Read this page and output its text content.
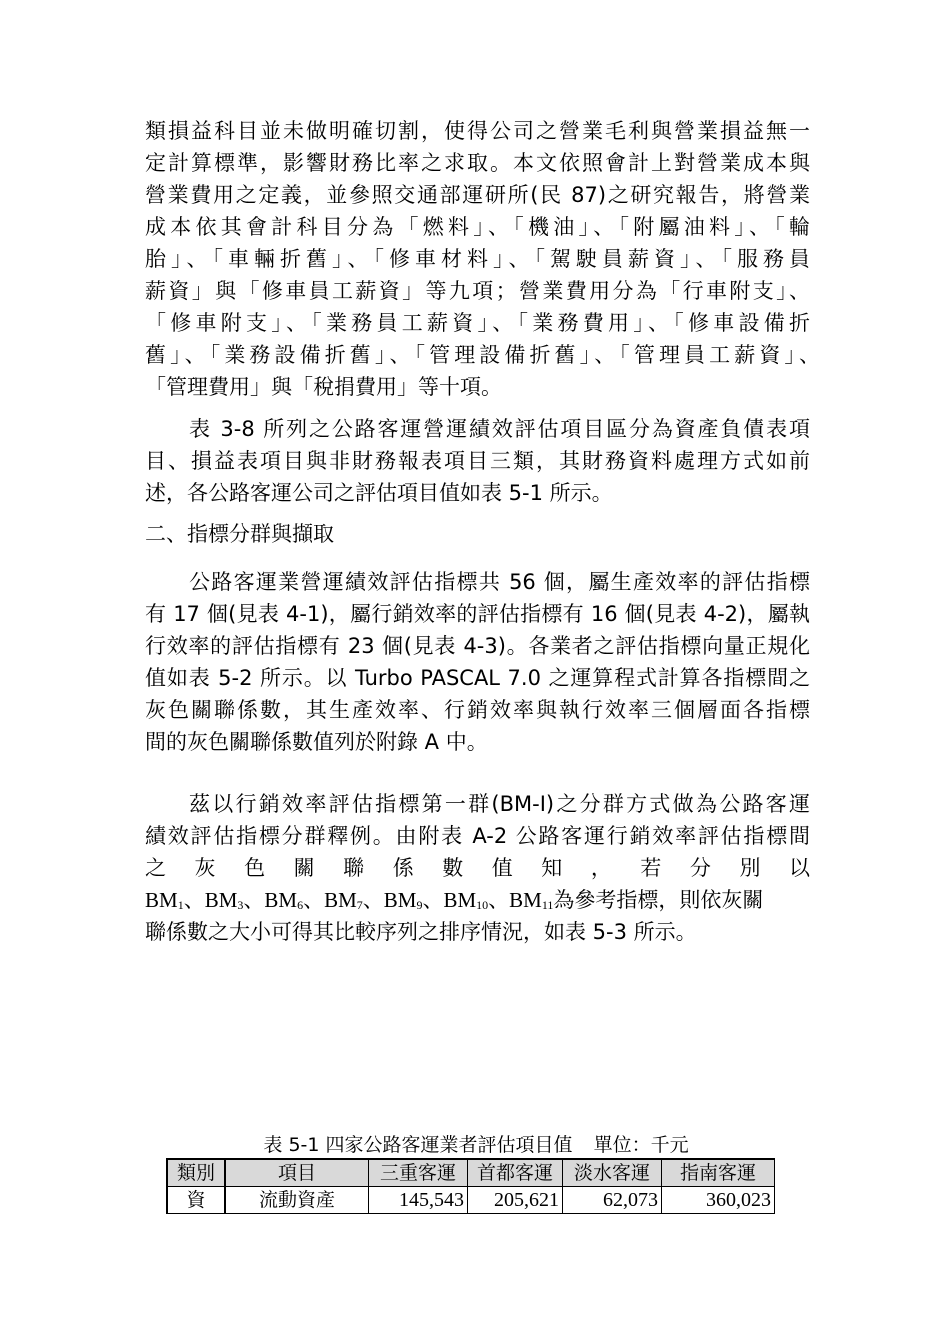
類損益科目並未做明確切割，使得公司之營業毛利與營業損益無一
定計算標準，影響財務比率之求取。本文依照會計上對營業成本與
營業費用之定義，並參照交通部運研所(民 87)之研究報告，將營業
成本依其會計科目分為「燃料」、「機油」、「附屬油料」、「輪
胎」、「車輛折舊」、「修車材料」、「駕駛員薪資」、「服務員
薪資」與「修車員工薪資」等九項；營業費用分為「行車附支」、
「修車附支」、「業務員工薪資」、「業務費用」、「修車設備折
舊」、「業務設備折舊」、「管理設備折舊」、「管理員工薪資」、
「管理費用」與「稅捐費用」等十項。
表 3-8 所列之公路客運營運績效評估項目區分為資產負債表項
目、損益表項目與非財務報表項目三類，其財務資料處理方式如前
述，各公路客運公司之評估項目值如表 5-1 所示。
二、指標分群與擷取
公路客運業營運績效評估指標共 56 個，屬生產效率的評估指標
有 17 個(見表 4-1)，屬行銷效率的評估指標有 16 個(見表 4-2)，屬執
行效率的評估指標有 23 個(見表 4-3)。各業者之評估指標向量正規化
值如表 5-2 所示。以 Turbo PASCAL 7.0 之運算程式計算各指標間之
灰色關聯係數，其生產效率、行銷效率與執行效率三個層面各指標
間的灰色關聯係數值列於附錄 A 中。
茲以行銷效率評估指標第一群(BM-I)之分群方式做為公路客運
績效評估指標分群釋例。由附表 A-2 公路客運行銷效率評估指標間
之 灰 色 關 聯 係 數 值 知 ， 若 分 別 以
$BM_1$、$BM_3$、$BM_6$、$BM_7$、$BM_9$、$BM_{10}$、$BM_{11}$為參考指標，則依灰關
聯係數之大小可得其比較序列之排序情況，如表 5-3 所示。
表 5-1 四家公路客運業者評估項目值　 單位：千元
類別	項目	三重客運	首都客運	淡水客運	指南客運
資	流動資產	145,543	205,621	62,073	360,023
